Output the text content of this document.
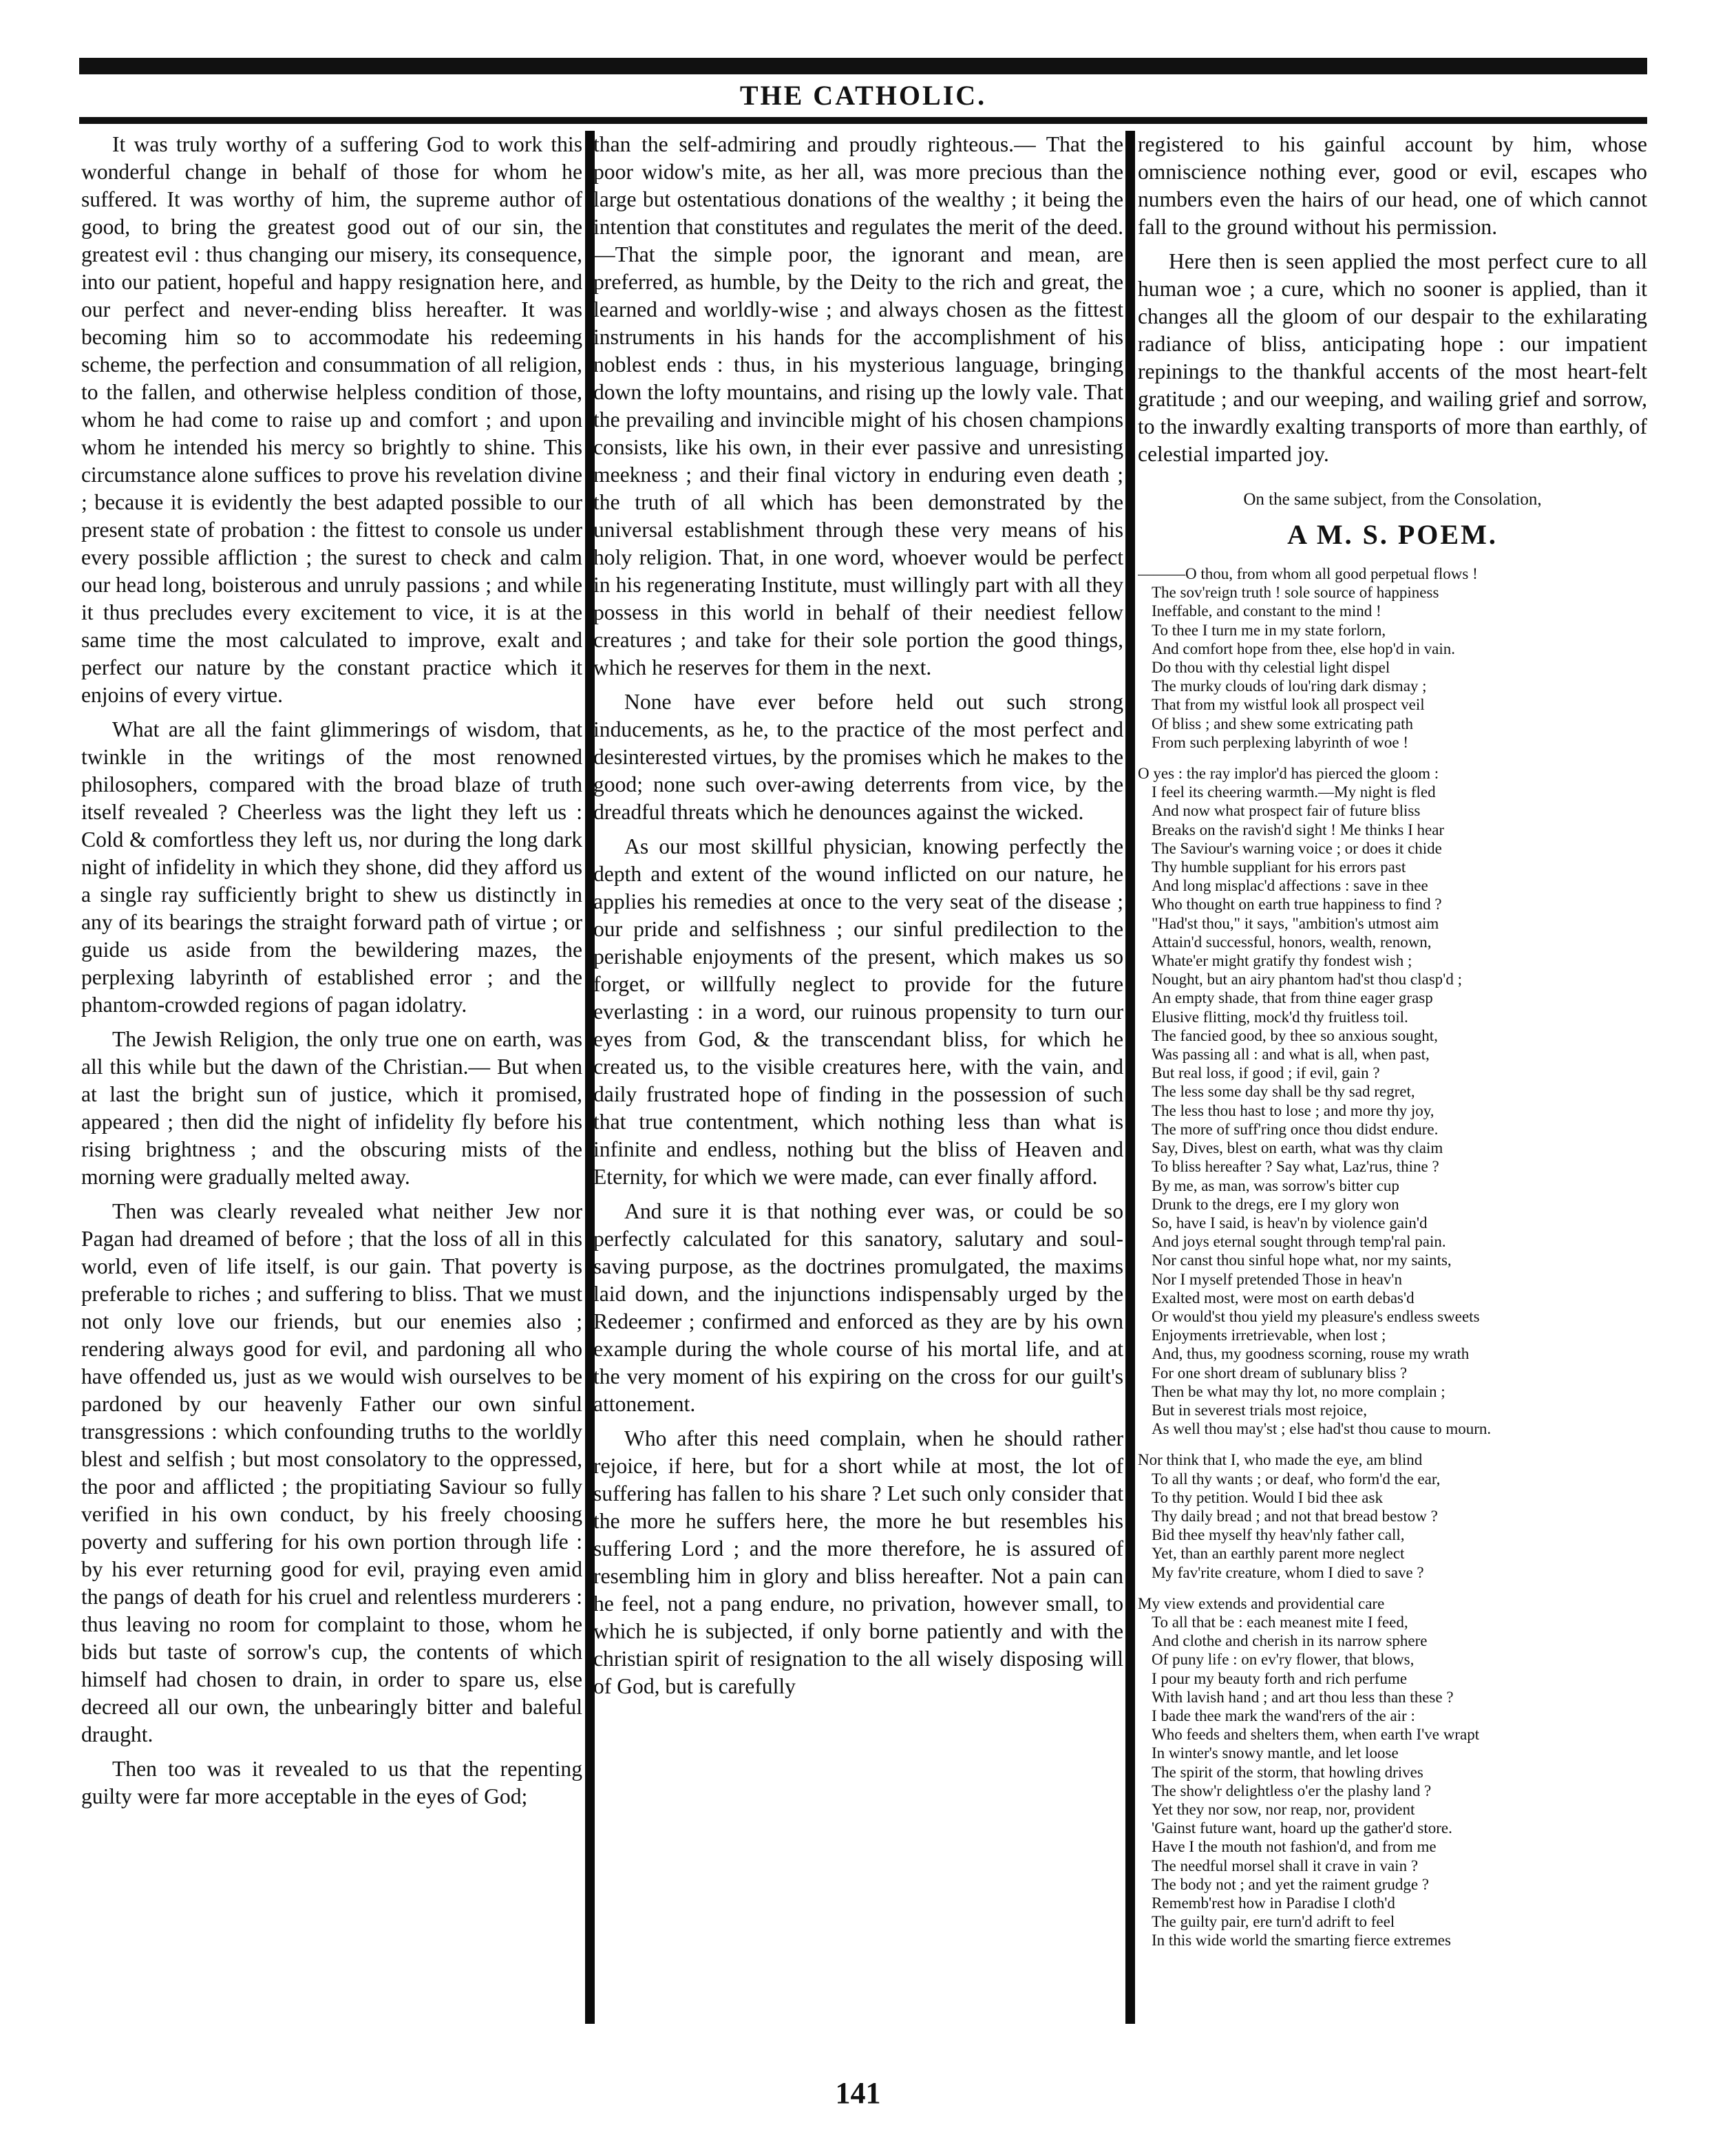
THE CATHOLIC.

It was truly worthy of a suffering God to work this wonderful change in behalf of those for whom he suffered. It was worthy of him, the supreme author of good, to bring the greatest good out of our sin, the greatest evil : thus changing our misery, its consequence, into our patient, hopeful and happy resignation here, and our perfect and never-ending bliss hereafter. It was becoming him so to accommodate his redeeming scheme, the perfection and consummation of all religion, to the fallen, and otherwise helpless condition of those, whom he had come to raise up and comfort ; and upon whom he intended his mercy so brightly to shine. This circumstance alone suffices to prove his revelation divine ; because it is evidently the best adapted possible to our present state of probation : the fittest to console us under every possible affliction ; the surest to check and calm our head long, boisterous and unruly passions ; and while it thus precludes every excitement to vice, it is at the same time the most calculated to improve, exalt and perfect our nature by the constant practice which it enjoins of every virtue.

What are all the faint glimmerings of wisdom, that twinkle in the writings of the most renowned philosophers, compared with the broad blaze of truth itself revealed ? Cheerless was the light they left us : Cold & comfortless they left us, nor during the long dark night of infidelity in which they shone, did they afford us a single ray sufficiently bright to shew us distinctly in any of its bearings the straight forward path of virtue ; or guide us aside from the bewildering mazes, the perplexing labyrinth of established error ; and the phantom-crowded regions of pagan idolatry.

The Jewish Religion, the only true one on earth, was all this while but the dawn of the Christian.— But when at last the bright sun of justice, which it promised, appeared ; then did the night of infidelity fly before his rising brightness ; and the obscuring mists of the morning were gradually melted away.

Then was clearly revealed what neither Jew nor Pagan had dreamed of before ; that the loss of all in this world, even of life itself, is our gain. That poverty is preferable to riches ; and suffering to bliss. That we must not only love our friends, but our enemies also ; rendering always good for evil, and pardoning all who have offended us, just as we would wish ourselves to be pardoned by our heavenly Father our own sinful transgressions : which confounding truths to the worldly blest and selfish ; but most consolatory to the oppressed, the poor and afflicted ; the propitiating Saviour so fully verified in his own conduct, by his freely choosing poverty and suffering for his own portion through life : by his ever returning good for evil, praying even amid the pangs of death for his cruel and relentless murderers : thus leaving no room for complaint to those, whom he bids but taste of sorrow's cup, the contents of which himself had chosen to drain, in order to spare us, else decreed all our own, the unbearingly bitter and baleful draught.

Then too was it revealed to us that the repenting guilty were far more acceptable in the eyes of God;

than the self-admiring and proudly righteous.— That the poor widow's mite, as her all, was more precious than the large but ostentatious donations of the wealthy ; it being the intention that constitutes and regulates the merit of the deed.—That the simple poor, the ignorant and mean, are preferred, as humble, by the Deity to the rich and great, the learned and worldly-wise ; and always chosen as the fittest instruments in his hands for the accomplishment of his noblest ends : thus, in his mysterious language, bringing down the lofty mountains, and rising up the lowly vale. That the prevailing and invincible might of his chosen champions consists, like his own, in their ever passive and unresisting meekness ; and their final victory in enduring even death ; the truth of all which has been demonstrated by the universal establishment through these very means of his holy religion. That, in one word, whoever would be perfect in his regenerating Institute, must willingly part with all they possess in this world in behalf of their neediest fellow creatures ; and take for their sole portion the good things, which he reserves for them in the next.

None have ever before held out such strong inducements, as he, to the practice of the most perfect and desinterested virtues, by the promises which he makes to the good; none such over-awing deterrents from vice, by the dreadful threats which he denounces against the wicked.

As our most skillful physician, knowing perfectly the depth and extent of the wound inflicted on our nature, he applies his remedies at once to the very seat of the disease ; our pride and selfishness ; our sinful predilection to the perishable enjoyments of the present, which makes us so forget, or willfully neglect to provide for the future everlasting : in a word, our ruinous propensity to turn our eyes from God, & the transcendant bliss, for which he created us, to the visible creatures here, with the vain, and daily frustrated hope of finding in the possession of such that true contentment, which nothing less than what is infinite and endless, nothing but the bliss of Heaven and Eternity, for which we were made, can ever finally afford.

And sure it is that nothing ever was, or could be so perfectly calculated for this sanatory, salutary and soul-saving purpose, as the doctrines promulgated, the maxims laid down, and the injunctions indispensably urged by the Redeemer ; confirmed and enforced as they are by his own example during the whole course of his mortal life, and at the very moment of his expiring on the cross for our guilt's attonement.

Who after this need complain, when he should rather rejoice, if here, but for a short while at most, the lot of suffering has fallen to his share ? Let such only consider that the more he suffers here, the more he but resembles his suffering Lord ; and the more therefore, he is assured of resembling him in glory and bliss hereafter. Not a pain can he feel, not a pang endure, no privation, however small, to which he is subjected, if only borne patiently and with the christian spirit of resignation to the all wisely disposing will of God, but is carefully

registered to his gainful account by him, whose omniscience nothing ever, good or evil, escapes who numbers even the hairs of our head, one of which cannot fall to the ground without his permission.

Here then is seen applied the most perfect cure to all human woe ; a cure, which no sooner is applied, than it changes all the gloom of our despair to the exhilarating radiance of bliss, anticipating hope : our impatient repinings to the thankful accents of the most heart-felt gratitude ; and our weeping, and wailing grief and sorrow, to the inwardly exalting transports of more than earthly, of celestial imparted joy.

On the same subject, from the Consolation,
A M. S. POEM.
———O thou, from whom all good perpetual flows !
The sov'reign truth ! sole source of happiness
Ineffable, and constant to the mind !
To thee I turn me in my state forlorn,
And comfort hope from thee, else hop'd in vain.
Do thou with thy celestial light dispel
The murky clouds of lou'ring dark dismay ;
That from my wistful look all prospect veil
Of bliss ; and shew some extricating path
From such perplexing labyrinth of woe !
O yes : the ray implor'd has pierced the gloom :
I feel its cheering warmth.—My night is fled
And now what prospect fair of future bliss
Breaks on the ravish'd sight ! Me thinks I hear
The Saviour's warning voice ; or does it chide
Thy humble suppliant for his errors past
And long misplac'd affections : save in thee
Who thought on earth true happiness to find ?
"Had'st thou," it says, "ambition's utmost aim
Attain'd successful, honors, wealth, renown,
Whate'er might gratify thy fondest wish ;
Nought, but an airy phantom had'st thou clasp'd ;
An empty shade, that from thine eager grasp
Elusive flitting, mock'd thy fruitless toil.
The fancied good, by thee so anxious sought,
Was passing all : and what is all, when past,
But real loss, if good ; if evil, gain ?
The less some day shall be thy sad regret,
The less thou hast to lose ; and more thy joy,
The more of suff'ring once thou didst endure.
Say, Dives, blest on earth, what was thy claim
To bliss hereafter ? Say what, Laz'rus, thine ?
By me, as man, was sorrow's bitter cup
Drunk to the dregs, ere I my glory won
So, have I said, is heav'n by violence gain'd
And joys eternal sought through temp'ral pain.
Nor canst thou sinful hope what, nor my saints,
Nor I myself pretended Those in heav'n
Exalted most, were most on earth debas'd
Or would'st thou yield my pleasure's endless sweets
Enjoyments irretrievable, when lost ;
And, thus, my goodness scorning, rouse my wrath
For one short dream of sublunary bliss ?
Then be what may thy lot, no more complain ;
But in severest trials most rejoice,
As well thou may'st ; else had'st thou cause to mourn.
Nor think that I, who made the eye, am blind
To all thy wants ; or deaf, who form'd the ear,
To thy petition. Would I bid thee ask
Thy daily bread ; and not that bread bestow ?
Bid thee myself thy heav'nly father call,
Yet, than an earthly parent more neglect
My fav'rite creature, whom I died to save ?
My view extends and providential care
To all that be : each meanest mite I feed,
And clothe and cherish in its narrow sphere
Of puny life : on ev'ry flower, that blows,
I pour my beauty forth and rich perfume
With lavish hand ; and art thou less than these ?
I bade thee mark the wand'rers of the air :
Who feeds and shelters them, when earth I've wrapt
In winter's snowy mantle, and let loose
The spirit of the storm, that howling drives
The show'r delightless o'er the plashy land ?
Yet they nor sow, nor reap, nor, provident
'Gainst future want, hoard up the gather'd store.
Have I the mouth not fashion'd, and from me
The needful morsel shall it crave in vain ?
The body not ; and yet the raiment grudge ?
Rememb'rest how in Paradise I cloth'd
The guilty pair, ere turn'd adrift to feel
In this wide world the smarting fierce extremes
141
